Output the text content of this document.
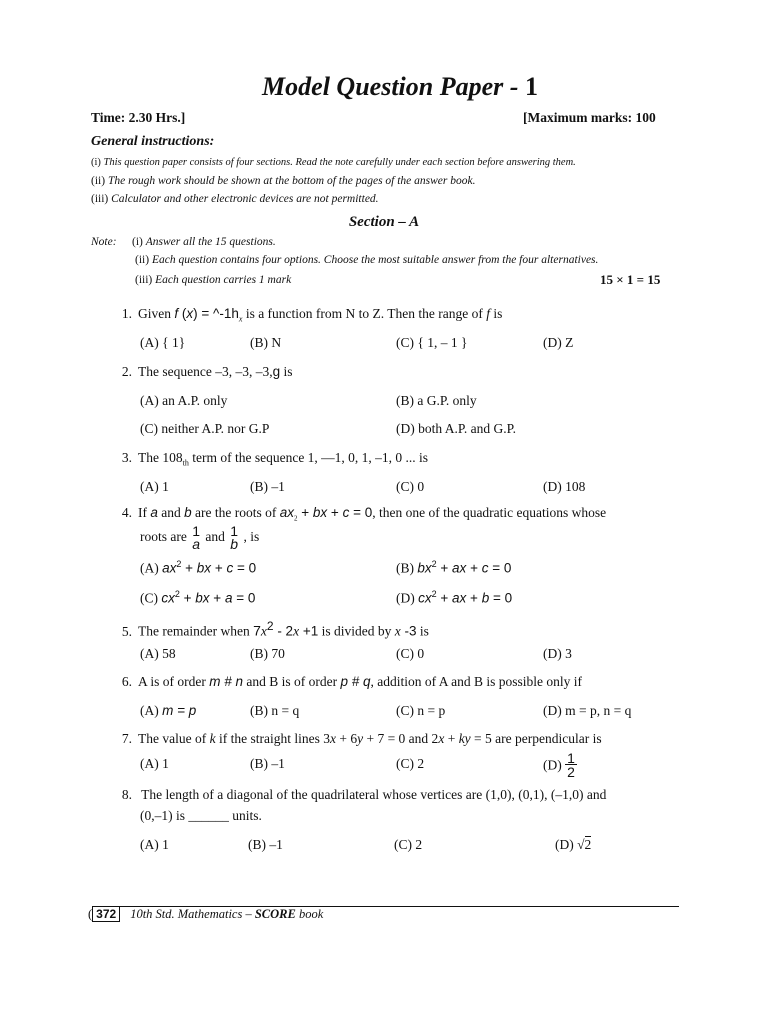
Model Question Paper - 1
Time: 2.30 Hrs.]	[Maximum marks: 100
General instructions:
(i) This question paper consists of four sections. Read the note carefully under each section before answering them.
(ii) The rough work should be shown at the bottom of the pages of the answer book.
(iii) Calculator and other electronic devices are not permitted.
Section – A
Note: (i) Answer all the 15 questions.
(ii) Each question contains four options. Choose the most suitable answer from the four alternatives.
(iii) Each question carries 1 mark	15 × 1 = 15
1. Given f $(x) = \^{}-1h_x$ is a function from N to Z. Then the range of f is
(A) { 1}	(B) N	(C) { 1, – 1 }	(D) Z
2. The sequence –3, –3, –3,g is
(A) an A.P. only	(B) a G.P. only
(C) neither A.P. nor G.P	(D) both A.P. and G.P.
3. The $108_{th}$ term of the sequence 1, —1, 0, 1, –1, 0 ... is
(A) 1	(B) –1	(C) 0	(D) 108
4. If a and b are the roots of $ax_2$ + bx + c = 0, then one of the quadratic equations whose
roots are 1
a and 1
b , is
(A) $ax^2$ + bx + c = 0	(B) $bx^2$ + ax + c = 0
(C) $cx^2$ + bx + a = 0	(D) $cx^2$ + ax + b = 0
5. The remainder when $7x^2 - 2x +1$ is divided by x -3 is
(A) 58	(B) 70	(C) 0	(D) 3
6. A is of order m # n and B is of order p # q, addition of A and B is possible only if
(A) m = p	(B) n = q	(C) n = p	(D) m = p, n = q
7. The value of k if the straight lines 3x + 6y + 7 = 0 and 2x + ky = 5 are perpendicular is
(A) 1	(B) –1	(C) 2	$(D) \frac{1}{2}$
8. The length of a diagonal of the quadrilateral whose vertices are (1,0), (0,1), (–1,0) and
(0,–1) is ______ units.
(A) 1	(B) –1	(C) 2	(D) √2
( 372 10th Std. Mathematics – SCORE book
